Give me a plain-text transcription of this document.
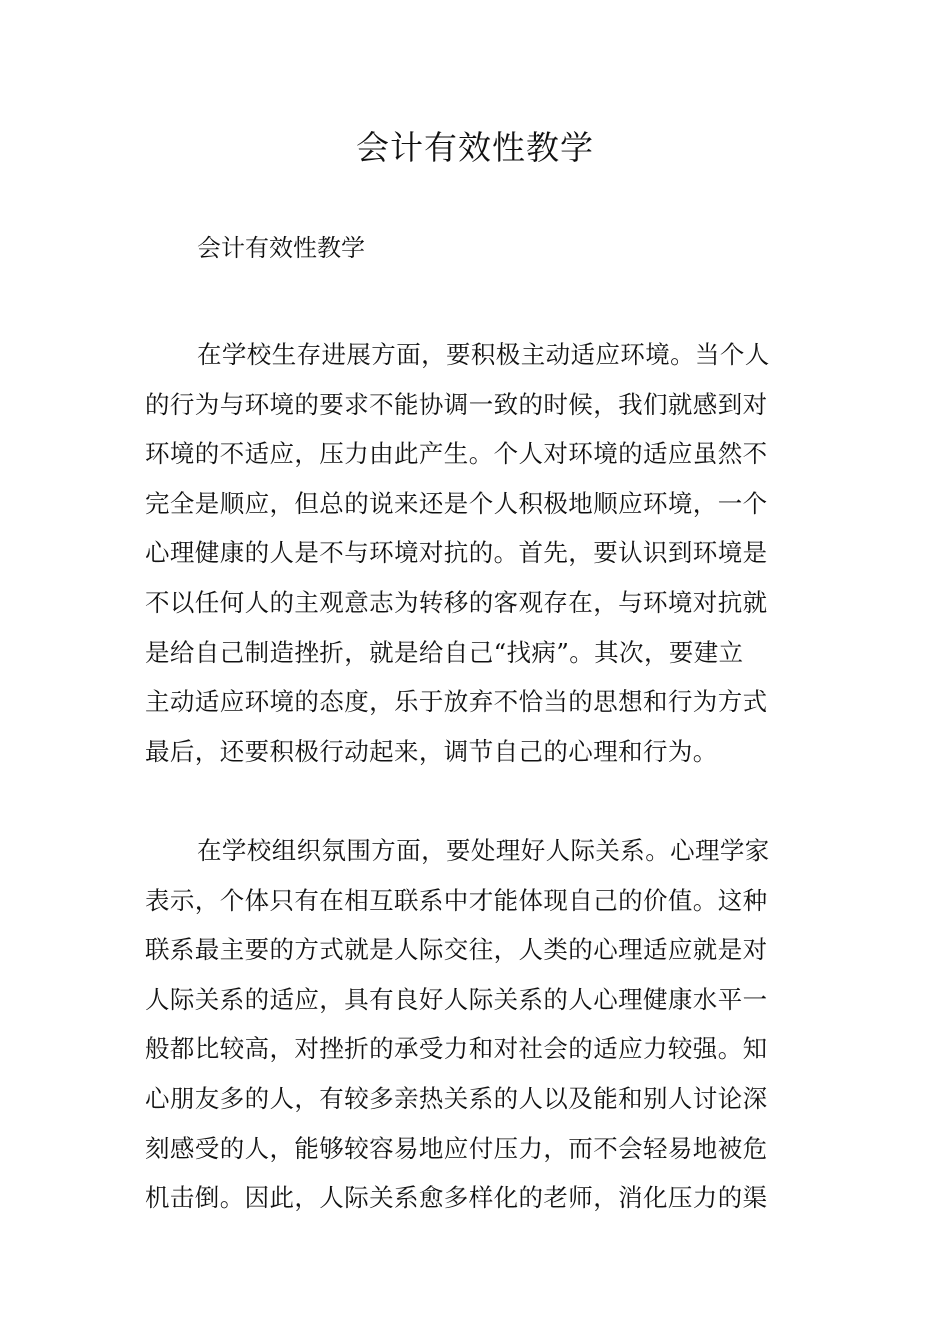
会计有效性教学
会计有效性教学
在学校生存进展方面，要积极主动适应环境。当个人
的行为与环境的要求不能协调一致的时候，我们就感到对
环境的不适应，压力由此产生。个人对环境的适应虽然不
完全是顺应，但总的说来还是个人积极地顺应环境，一个
心理健康的人是不与环境对抗的。首先，要认识到环境是
不以任何人的主观意志为转移的客观存在，与环境对抗就
是给自己制造挫折，就是给自己“找病”。其次，要建立
主动适应环境的态度，乐于放弃不恰当的思想和行为方式
最后，还要积极行动起来，调节自己的心理和行为。
在学校组织氛围方面，要处理好人际关系。心理学家
表示，个体只有在相互联系中才能体现自己的价值。这种
联系最主要的方式就是人际交往，人类的心理适应就是对
人际关系的适应，具有良好人际关系的人心理健康水平一
般都比较高，对挫折的承受力和对社会的适应力较强。知
心朋友多的人，有较多亲热关系的人以及能和别人讨论深
刻感受的人，能够较容易地应付压力，而不会轻易地被危
机击倒。因此，人际关系愈多样化的老师，消化压力的渠
